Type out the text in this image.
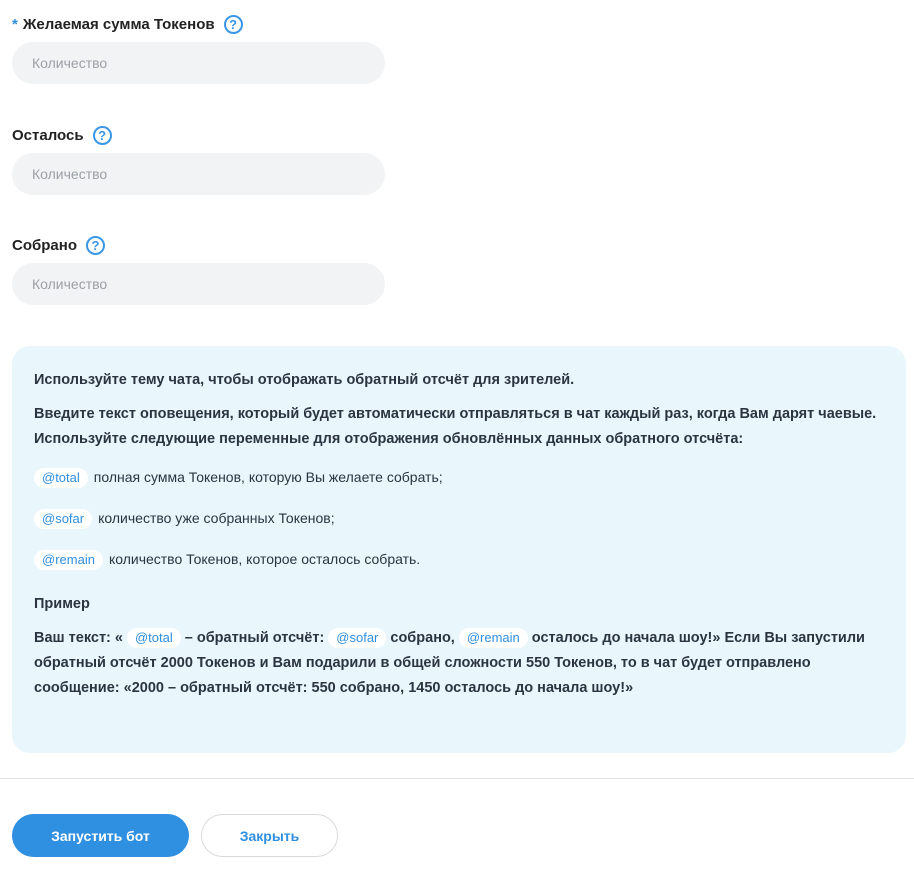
* Желаемая сумма Токенов	?
Количество
Осталось	?
Количество
Собрано	?
Количество

Используйте тему чата, чтобы отображать обратный отсчёт для зрителей.

Введите текст оповещения, который будет автоматически отправляться в чат каждый раз, когда Вам дарят чаевые. Используйте следующие переменные для отображения обновлённых данных обратного отсчёта:

@total	полная сумма Токенов, которую Вы желаете собрать;
@sofar	количество уже собранных Токенов;
@remain	количество Токенов, которое осталось собрать.

Пример

Ваш текст: « @total – обратный отсчёт: @sofar собрано, @remain осталось до начала шоу!» Если Вы запустили обратный отсчёт 2000 Токенов и Вам подарили в общей сложности 550 Токенов, то в чат будет отправлено сообщение: «2000 – обратный отсчёт: 550 собрано, 1450 осталось до начала шоу!»

Запустить бот	Закрыть
